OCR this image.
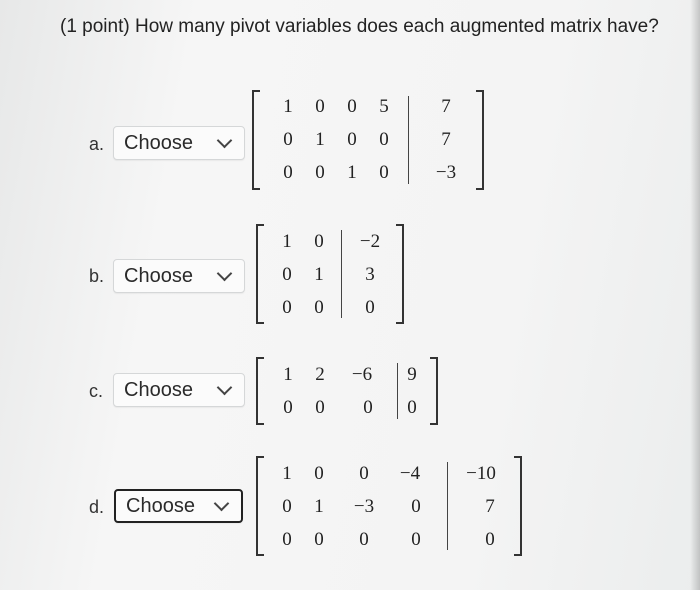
(1 point) How many pivot variables does each augmented matrix have?
a. Choose
1	0	0	5	7
0	1	0	0	7
0	0	1	0	−3
b. Choose
1	0	−2
0	1	3
0	0	0
c. Choose
1	2	−6	9
0	0	0	0
d. Choose
1	0	0	−4	−10
0	1	−3	0	7
0	0	0	0	0
